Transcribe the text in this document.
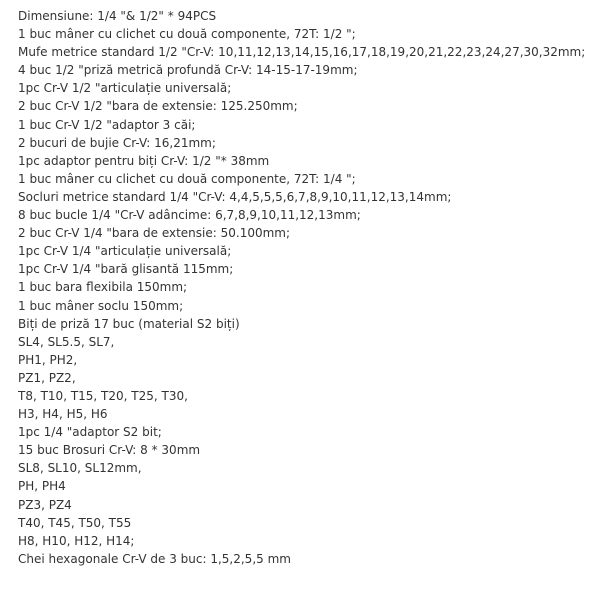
Dimensiune: 1/4 "& 1/2" * 94PCS
1 buc mâner cu clichet cu două componente, 72T: 1/2 ";
Mufe metrice standard 1/2 "Cr-V: 10,11,12,13,14,15,16,17,18,19,20,21,22,23,24,27,30,32mm;
4 buc 1/2 "priză metrică profundă Cr-V: 14-15-17-19mm;
1pc Cr-V 1/2 "articulație universală;
2 buc Cr-V 1/2 "bara de extensie: 125.250mm;
1 buc Cr-V 1/2 "adaptor 3 căi;
2 bucuri de bujie Cr-V: 16,21mm;
1pc adaptor pentru biți Cr-V: 1/2 "* 38mm
1 buc mâner cu clichet cu două componente, 72T: 1/4 ";
Socluri metrice standard 1/4 "Cr-V: 4,4,5,5,5,6,7,8,9,10,11,12,13,14mm;
8 buc bucle 1/4 "Cr-V adâncime: 6,7,8,9,10,11,12,13mm;
2 buc Cr-V 1/4 "bara de extensie: 50.100mm;
1pc Cr-V 1/4 "articulație universală;
1pc Cr-V 1/4 "bară glisantă 115mm;
1 buc bara flexibila 150mm;
1 buc mâner soclu 150mm;
Biți de priză 17 buc (material S2 biți)
SL4, SL5.5, SL7,
PH1, PH2,
PZ1, PZ2,
T8, T10, T15, T20, T25, T30,
H3, H4, H5, H6
1pc 1/4 "adaptor S2 bit;
15 buc Brosuri Cr-V: 8 * 30mm
SL8, SL10, SL12mm,
PH, PH4
PZ3, PZ4
T40, T45, T50, T55
H8, H10, H12, H14;
Chei hexagonale Cr-V de 3 buc: 1,5,2,5,5 mm
